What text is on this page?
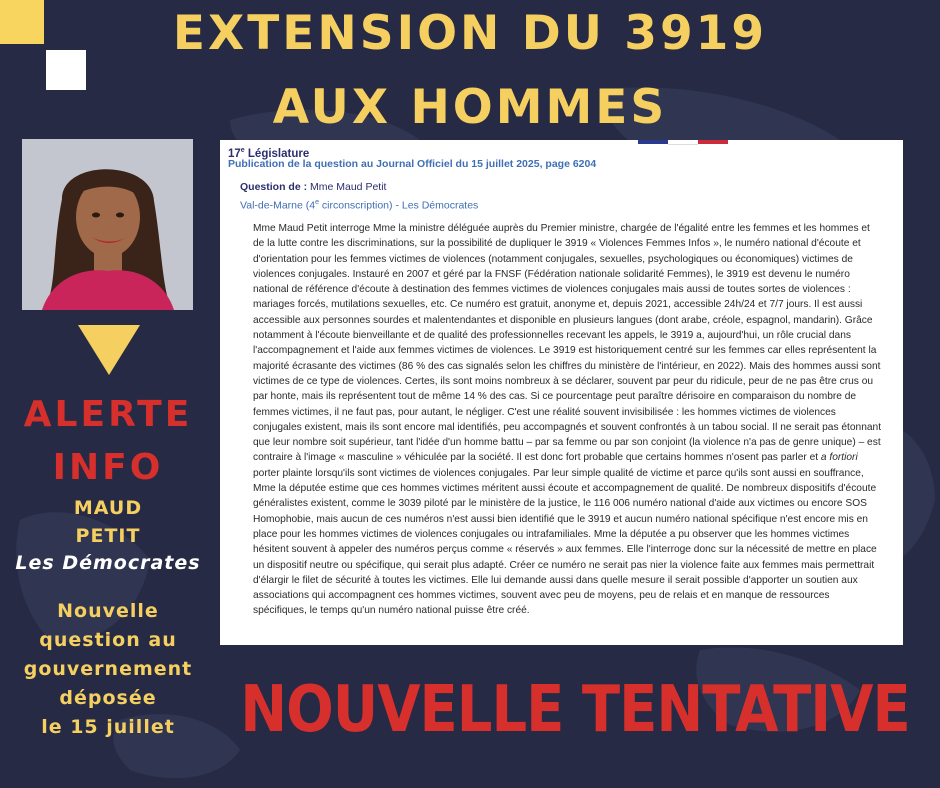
EXTENSION DU 3919
AUX HOMMES

ALERTE

INFO

MAUD

PETIT

Les Démocrates

Nouvelle
question au
gouvernement
déposée
le 15 juillet
17e Législature
Publication de la question au Journal Officiel du 15 juillet 2025, page 6204
Question de : Mme Maud Petit
Val-de-Marne (4e circonscription) - Les Démocrates

Mme Maud Petit interroge Mme la ministre déléguée auprès du Premier ministre, chargée de l'égalité entre les femmes et les hommes et de la lutte contre les discriminations, sur la possibilité de dupliquer le 3919 « Violences Femmes Infos », le numéro national d'écoute et d'orientation pour les femmes victimes de violences (notamment conjugales, sexuelles, psychologiques ou économiques) victimes de violences conjugales. Instauré en 2007 et géré par la FNSF (Fédération nationale solidarité Femmes), le 3919 est devenu le numéro national de référence d'écoute à destination des femmes victimes de violences conjugales mais aussi de toutes sortes de violences : mariages forcés, mutilations sexuelles, etc. Ce numéro est gratuit, anonyme et, depuis 2021, accessible 24h/24 et 7/7 jours. Il est aussi accessible aux personnes sourdes et malentendantes et disponible en plusieurs langues (dont arabe, créole, espagnol, mandarin). Grâce notamment à l'écoute bienveillante et de qualité des professionnelles recevant les appels, le 3919 a, aujourd'hui, un rôle crucial dans l'accompagnement et l'aide aux femmes victimes de violences. Le 3919 est historiquement centré sur les femmes car elles représentent la majorité écrasante des victimes (86 % des cas signalés selon les chiffres du ministère de l'intérieur, en 2022). Mais des hommes aussi sont victimes de ce type de violences. Certes, ils sont moins nombreux à se déclarer, souvent par peur du ridicule, peur de ne pas être crus ou par honte, mais ils représentent tout de même 14 % des cas. Si ce pourcentage peut paraître dérisoire en comparaison du nombre de femmes victimes, il ne faut pas, pour autant, le négliger. C'est une réalité souvent invisibilisée : les hommes victimes de violences conjugales existent, mais ils sont encore mal identifiés, peu accompagnés et souvent confrontés à un tabou social. Il ne serait pas étonnant que leur nombre soit supérieur, tant l'idée d'un homme battu – par sa femme ou par son conjoint (la violence n'a pas de genre unique) – est contraire à l'image « masculine » véhiculée par la société. Il est donc fort probable que certains hommes n'osent pas parler et a fortiori porter plainte lorsqu'ils sont victimes de violences conjugales. Par leur simple qualité de victime et parce qu'ils sont aussi en souffrance, Mme la députée estime que ces hommes victimes méritent aussi écoute et accompagnement de qualité. De nombreux dispositifs d'écoute généralistes existent, comme le 3039 piloté par le ministère de la justice, le 116 006 numéro national d'aide aux victimes ou encore SOS Homophobie, mais aucun de ces numéros n'est aussi bien identifié que le 3919 et aucun numéro national spécifique n'est encore mis en place pour les hommes victimes de violences conjugales ou intrafamiliales. Mme la députée a pu observer que les hommes victimes hésitent souvent à appeler des numéros perçus comme « réservés » aux femmes. Elle l'interroge donc sur la nécessité de mettre en place un dispositif neutre ou spécifique, qui serait plus adapté. Créer ce numéro ne serait pas nier la violence faite aux femmes mais permettrait d'élargir le filet de sécurité à toutes les victimes. Elle lui demande aussi dans quelle mesure il serait possible d'apporter un soutien aux associations qui accompagnent ces hommes victimes, souvent avec peu de moyens, peu de relais et en manque de ressources spécifiques, le temps qu'un numéro national puisse être créé.

NOUVELLE TENTATIVE
